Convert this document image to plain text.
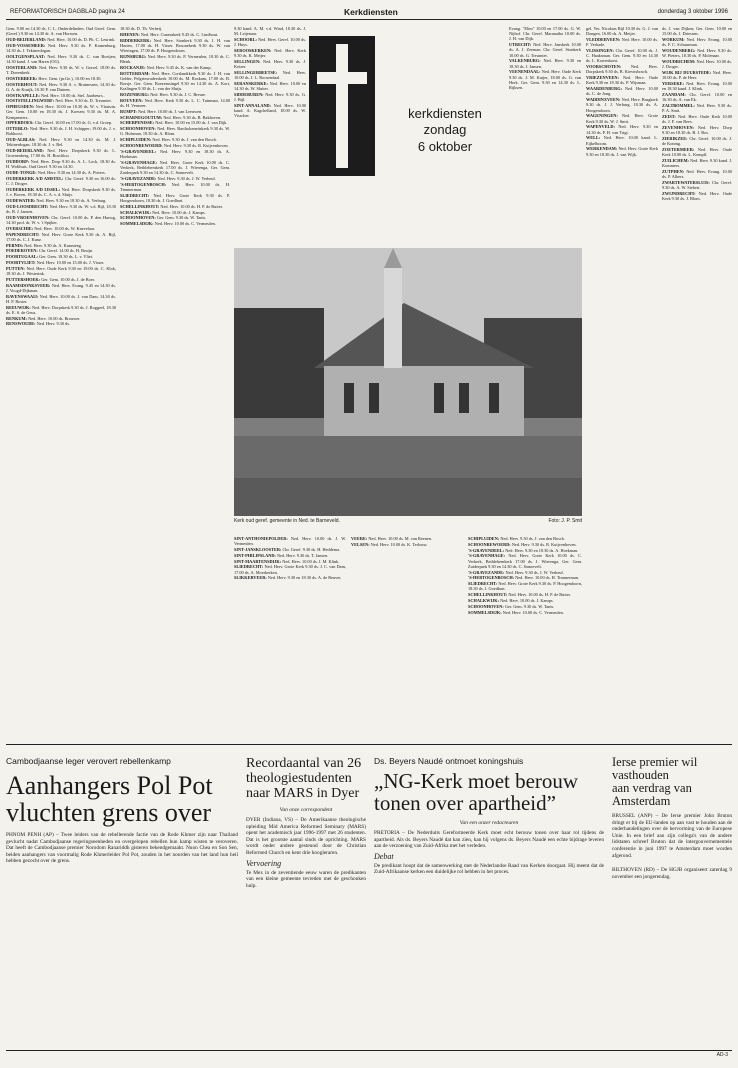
REFORMATORISCH DAGBLAD pagina 24	Kerkdiensten	donderdag 3 oktober 1996

Gem. 9.00 en 14.30 ds. C. L. Onderdelinden. Oud Geref. Gem. (Geref.) 9.30 en 14.30 dr. A. van Horssen.

OUD-BEIJERLAND: Ned. Herv. 10.00 ds. D. Ph. C. Leurink.

OUD-VOSSEMEER: Ned. Herv. 9.30 ds. P. Kranenburg, 14.30 ds. J. Tekinerdogan.

OOLTGENSPLAAT: Ned. Herv. 9.30 ds. C. van Boeijen; 14.30 kand. J. van Haren (OG).

OOSTERLAND: Ned. Herv. 9.30 ds. W. v. Gorsel, 18.00 ds. T. Duvenkerk.

OOSTERBEEK: Herv. Gem. (pr.Ge.), 10.00 en 18.30.

OOSTERHOUT: Ned. Herv. 9.30 A. v. Bruinessen, 14.30 ds. G. A. de Kruijk, 10.30 P. van Duinen.

OOSTKAPELLE: Ned. Herv. 10.00 ds. Stel. Jaarbeurs..

OOSTSTELLINGWERF: Ned. Herv. 9.30 ds. D. Treurniet.

OPHEUSDEN: Ned. Herv. 10.00 en 18.30 ds. W. v. Vlastuin. Ger. Gem. 10.00 en 18.30 ds. J. Koesen; 9.30 ds. M. A. Kempeneers.

OPPERDOES: Chr. Geref. 10.00 en 17.00 ds. G. v.d. Groep.

OTTERLO: Ned. Herv. 9.30 ds. J. H. Schipper; 19.00 ds. J. v. Bokhorst.

OUD-ALBLAS: Ned. Herv. 9.30 en 14.30 ds. M. J. Tekinerdogan, 18.30 ds. J. v. Bel.

OUD-BEIERLAND: Ned. Herv. Dorpskerk 9.30 ds. L. Groenenberg, 17.00 ds. H. Boschloo.

OUDDORP: Ned. Herv. Dorp 9.30 ds. A. L. Lock, 18.30 ds. H. Wolthuis. Oud Geref. 9.30 en 14.30.

OUDE-TONGE: Ned. Herv. 9.30 en 14.30 ds. A. Pieters.

OUDERKERK A/D AMSTEL: Chr. Geref. 9.30 en 16.00 ds. C. J. Droger.

OUDERKERK A/D IJSSEL: Ned. Herv. Dorpskerk 9.30 ds. J. v. Boven, 18.30 ds. C. A. v. d. Sluijs.

OUDEWATER: Ned. Herv. 9.30 en 18.30 ds. A. Verburg.

OUD-LOOSDRECHT: Ned. Herv. 9.30 ds. W. v.d. Bijl, 18.30 ds. B. J. Jansen.

OUD-VROENHOVEN: Chr. Geref. 10.00 ds. P. den Hartog, 14.30 prof. dr. W. v. 't Spijker.

OVERSCHIE: Ned. Herv. 10.00 ds. W. Knevelaar.

PAPENDRECHT: Ned. Herv. Grote Kerk 9.30 ds. A. Bijl, 17.00 ds. C. J. Kunz.

PERNIS: Ned. Herv. 9.30 ds. A. Kamsteeg.

POEDEROYEN: Chr. Geref. 14.00 ds. H. Bruijn.

POORTUGAAL: Ger. Gem. 18.30 ds. L. v. Vliet.

POORTVLIET: Ned. Herv. 10.00 en 15.00 ds. J. Visser.

PUTTEN: Ned. Herv. Oude Kerk 9.30 en 19.00 ds. C. Klok, 18.30 ds. J. Westerink.

PUTTERSHOEK: Ger. Gem. 10.00 ds. J. de Boer.

RAAMSDONKSVEER: Ned. Herv. Evang. 9.45 en 14.30 ds. J. Voogd-Dijkman.

RAVENSWAAIJ: Ned. Herv. 10.00 ds. J. van Dam, 14.30 ds. H. P. Rosier.

REEUWIJK: Ned. Herv. Dorpskerk 9.30 ds. J. Roggeel, 18.30 ds. E. S. de Geus.

RENKUM: Ned. Herv. 10.00 ds. Brouwer.

RENSWOUDE: Ned. Herv. 9.30 ds.

18.30 ds. D. Th. Verheij.

RHENEN: Ned. Herv. Cunerakerk 9.45 ds. C. Lindhout.

RIDDERKERK: Ned. Herv. Sionkerk 9.30 ds. J. H. van Harten, 17.00 ds. H. Visser. Bosonekerk 9.30 ds. W. van Wieringen, 17.00 ds. P. Hoogendoorn.

RIJNSBURG: Ned. Herv. 9.30 ds. P. Vermeulen, 18.30 ds. C. Blenk.

ROCKANJE: Ned. Herv. 9.45 ds. K. van der Kamp.

ROTTERDAM: Ned. Herv. Cortlandtkerk 9.30 ds. J. H. van Gelder, Pelgrimvaderskerk 10.00 ds. M. Roskam, 17.00 ds. B. Borsje. Ger. Gem. Boezemsingel 9.30 en 14.30 ds. A. Kort, Kralingen 9.30 ds. L. van der Sluijs.

ROZENBURG: Ned. Herv. 9.30 ds. J. C. Breure.

ROUVEEN: Ned. Herv. Kerk 9.30 ds. L. C. Tuinman, 14.00 ds. H. Vermeer.

RUMPT: Ned. Herv. 10.00 ds. J. van Leeuwen.

SCHARNEGOUTUM: Ned. Herv. 9.30 ds. B. Bakhoven.

SCHERPENISSE: Ned. Herv. 10.00 en 15.00 ds. J. van Dijk.

SCHOONHOVEN: Ned. Herv. Bartholomeüskerk 9.30 ds. W. G. Hulsman, 18.30 ds. A. Blom.

SCHIPLUIDEN: Ned. Herv. 9.30 ds. J. van den Bosch.

SCHOONREWOERD: Ned. Herv. 9.30 ds. R. Kuijvenhoven.

'S-GRAVENDEEL: Ned. Herv. 9.30 en 18.30 ds. A. Hoekman.

'S-GRAVENHAGE: Ned. Herv. Grote Kerk 10.00 ds. C. Verkerk, Bethlehemkerk 17.00 ds. J. Wierenga, Ger. Gem. Zuiderpark 9.30 en 14.30 ds. C. Sonnevelt.

'S-GRAVEZANDE: Ned. Herv. 9.30 ds. J. W. Verheul.

'S-HERTOGENBOSCH: Ned. Herv. 10.00 ds. H. Timmerman.

SLIEDRECHT: Ned. Herv. Grote Kerk 9.30 ds. P. Hoogendoorn, 18.30 ds. J. Goedhart.

SCHELLINKHOUT: Ned. Herv. 10.00 ds. H. P. de Ruiter.

SCHALKWIJK: Ned. Herv. 10.00 ds. J. Kamps.

SCHOONHOVEN: Ger. Gem. 9.30 ds. W. Tanis.

SOMMELSDIJK: Ned. Herv. 10.00 ds. C. Vermeulen.

9.30 kand. A. M. v.d. Wind, 18.30 ds. J. M. Leijenaar.

SCHOORL: Ned. Herv. Geref. 10.00 ds. J. Huys.

SEROOSKERKEN: Ned. Herv. Kerk 9.30 ds. K. Meijer.

SELLINGEN: Ned. Herv. 9.30 ds. J. Keizer.

SELLINGERBEETSE: Ned. Herv. 10.00 ds. J. L. Roosendaal.

SERANSKERKE: Ned. Herv. 10.00 en 14.30 ds. W. Sluiter.

SIDDEBUREN: Ned. Herv. 9.30 ds. G. J. Bijl.

SINT-ANNALAND: Ned. Herv. 10.00 kand. A. Kagchelland, 18.00 ds. W. Visscher.

Evang. "Elim" 10.00 en 17.00 ds. G. W. Nijhof. Chr. Geref. Maranatha 10.00 ds. J. H. van Dijk.

UTRECHT: Ned. Herv. Janskerk 10.00 ds. A. J. Zeeman. Chr. Geref. Sionkerk 10.00 ds. G. Treurniet.

VALKENBURG: Ned. Herv. 9.30 en 18.30 ds. J. Jansen.

VEENENDAAL: Ned. Herv. Oude Kerk 9.30 ds. J. M. Kuijer, 18.00 ds. G. van Herk. Ger. Gem. 9.30 en 14.30 ds. L. Rijksen.

gel. Ver. Nicolaas Bijl 10.30 ds. G. J. van Dongen, 16.00 ds. A. Meijer.

VLEDDERVEEN: Ned. Herv. 10.00 ds. F. Verkade.

VLISSINGEN: Chr. Geref. 10.00 ds. J. C. Haaksman. Ger. Gem. 9.30 en 14.30 ds. L. Kortenhorst.

VOORSCHOTEN: Ned. Herv. Dorpskerk 9.30 ds. B. Kievitsbosch.

VRIEZENVEEN: Ned. Herv. Oude Kerk 9.30 en 18.30 ds. P. Wijsman.

WAARDENBURG: Ned. Herv. 10.00 ds. C. de Jong.

WADDINXVEEN: Ned. Herv. Brugkerk 9.30 ds. J. J. Verburg, 18.30 ds. A. Hoogendoorn.

WAGENINGEN: Ned. Herv. Grote Kerk 9.30 ds. W. J. Smit.

WAPENVELD: Ned. Herv. 9.30 en 14.30 ds. P. H. van Trigt.

WELL: Ned. Herv. 10.00 kand. L. Eijkelboom.

WERKENDAM: Ned. Herv. Grote Kerk 9.30 en 18.30 ds. J. van Wijk.

ds. J. van Dijken; Ger. Gem. 10.00 en 15.00 ds. J. Driessen.

WORKUM: Ned. Herv. Evang. 10.00 ds. F. C. Schuurman.

WOUDENBERG: Ned. Herv. 9.30 ds. W. Pieters, 18.30 ds. P. Molenaar.

WOUDRICHEM: Ned. Herv. 10.00 ds. J. Droger.

WIJK BIJ DUURSTEDE: Ned. Herv. 10.00 ds. P. de Heer.

YERSEKE: Ned. Herv. Evang. 10.00 en 18.30 kand. J. Klink.

ZAANDAM: Chr. Geref. 10.00 en 16.30 ds. A. van Ek.

ZALTBOMMEL: Ned. Herv. 9.30 ds. P. A. Smit.

ZEIST: Ned. Herv. Oude Kerk 10.00 ds. J. F. van Rees.

ZEVENHOVEN: Ned. Herv. Dorp 9.30 en 18.30 ds. B. J. Bos.

ZIERIKZEE: Chr. Geref. 10.00 ds. J. de Koning.

ZOETERMEER: Ned. Herv. Oude Kerk 10.00 ds. L. Kempff.

ZUILICHEM: Ned. Herv. 9.30 kand. J. Kommers.

ZUTPHEN: Ned. Herv. Evang. 10.00 ds. P. Albers.

ZWARTEWATERSLUIS: Chr. Geref. 9.30 ds. A. W. Siebert.

ZWIJNDRECHT: Ned. Herv. Oude Kerk 9.30 ds. J. Blom.

SINT-ANTHONIEPOLDER: Ned. Herv. 10.00 ds. J. W. Vermeulen.

SINT-JANSKLOOSTER: Chr. Geref. 9.30 ds. H. Heddema.

SINT-PHILIPSLAND: Ned. Herv. 9.30 ds. T. Jansen.

SINT-MAARTENSDIJK: Ned. Herv. 10.00 ds. J. M. Klink.

SLIEDRECHT: Ned. Herv. Grote Kerk 9.30 ds. J. C. van Dam, 17.00 ds. A. Moerkerken.

SLIKKERVEER: Ned. Herv. 9.30 en 18.30 ds. A. de Reuver.

VEERE: Ned. Herv. 10.00 ds. M. van Reenen.

VELSEN: Ned. Herv. 10.00 ds. K. Terlouw.

SCHIPLUIDEN: Ned. Herv. 9.30 ds. J. van den Bosch.

SCHOONREWOERD: Ned. Herv. 9.30 ds. R. Kuijvenhoven.

'S-GRAVENDEEL: Ned. Herv. 9.30 en 18.30 ds. A. Hoekman.

'S-GRAVENHAGE: Ned. Herv. Grote Kerk 10.00 ds. C. Verkerk, Bethlehemkerk 17.00 ds. J. Wierenga, Ger. Gem. Zuiderpark 9.30 en 14.30 ds. C. Sonnevelt.

'S-GRAVEZANDE: Ned. Herv. 9.30 ds. J. W. Verheul.

'S-HERTOGENBOSCH: Ned. Herv. 10.00 ds. H. Timmerman.

SLIEDRECHT: Ned. Herv. Grote Kerk 9.30 ds. P. Hoogendoorn, 18.30 ds. J. Goedhart.

SCHELLINKHOUT: Ned. Herv. 10.00 ds. H. P. de Ruiter.

SCHALKWIJK: Ned. Herv. 10.00 ds. J. Kamps.

SCHOONHOVEN: Ger. Gem. 9.30 ds. W. Tanis.

SOMMELSDIJK: Ned. Herv. 10.00 ds. C. Vermeulen.

kerkdiensten
zondag
6 oktober
Kerk oud geref. gemeente in Ned. te Barneveld.	Foto: J. P. Smit
Cambodjaanse leger verovert rebellenkamp
Aanhangers Pol Pot vluchten grens over
PHNOM PENH (AP) – Twee leiders van de rebellerende factie van de Rode Khmer zijn naar Thailand gevlucht nadat Cambodjaanse regeringseenheden en overgelopen rebellen hun kamp wisten te veroveren. Dat heeft de Cambodjaanse premier Norodom Ranariddh gisteren bekendgemaakt. Nuon Chea en Son Sen, beiden aanhangers van voormalig Rode Khmerleider Pol Pot, zouden in het noorden van het land hun heil hebben gezocht over de grens.
Recordaantal van 26 theologiestudenten naar MARS in Dyer
Van onze correspondent
DYER (Indiana, VS) – De Amerikaanse theologische opleiding Mid America Reformed Seminary (MARS) opent het academisch jaar 1996-1997 met 26 studenten. Dat is het grootste aantal sinds de oprichting. MARS wordt onder andere gesteund door de Christian Reformed Church en kent drie hoogleraren.
Vervoering
Te Mex in de zeventiende eeuw waren de predikanten van een kleine gemeente tevreden met de geschonken hulp.
Ds. Beyers Naudé ontmoet koningshuis
„NG-Kerk moet berouw tonen over apartheid”
Van een onzer redacteuren
PRETORIA – De Nederduits Gereformeerde Kerk moet echt berouw tonen over haar rol tijdens de apartheid. Als ds. Beyers Naudé dat kan zien, kan hij volgens ds. Beyers Naudé een echte bijdrage leveren aan de verzoening van Zuid-Afrika met het verleden.
Debat
De predikant hoopt dat de samenwerking met de Nederlandse Raad van Kerken doorgaat. Hij meent dat de Zuid-Afrikaanse kerken een duidelijke rol hebben in het proces.
Ierse premier wil vasthouden
aan verdrag van Amsterdam
BRUSSEL (ANP) – De Ierse premier John Bruton dringt er bij de EU-landen op aan vast te houden aan de onderhandelingen over de hervorming van de Europese Unie. In een brief aan zijn collega's van de andere lidstaten schreef Bruton dat de intergouvernementele conferentie in juni 1997 te Amsterdam moet worden afgerond.
BILTHOVEN (RD) – De HGJB organiseert zaterdag 9 november een jongerendag.
AD-3
